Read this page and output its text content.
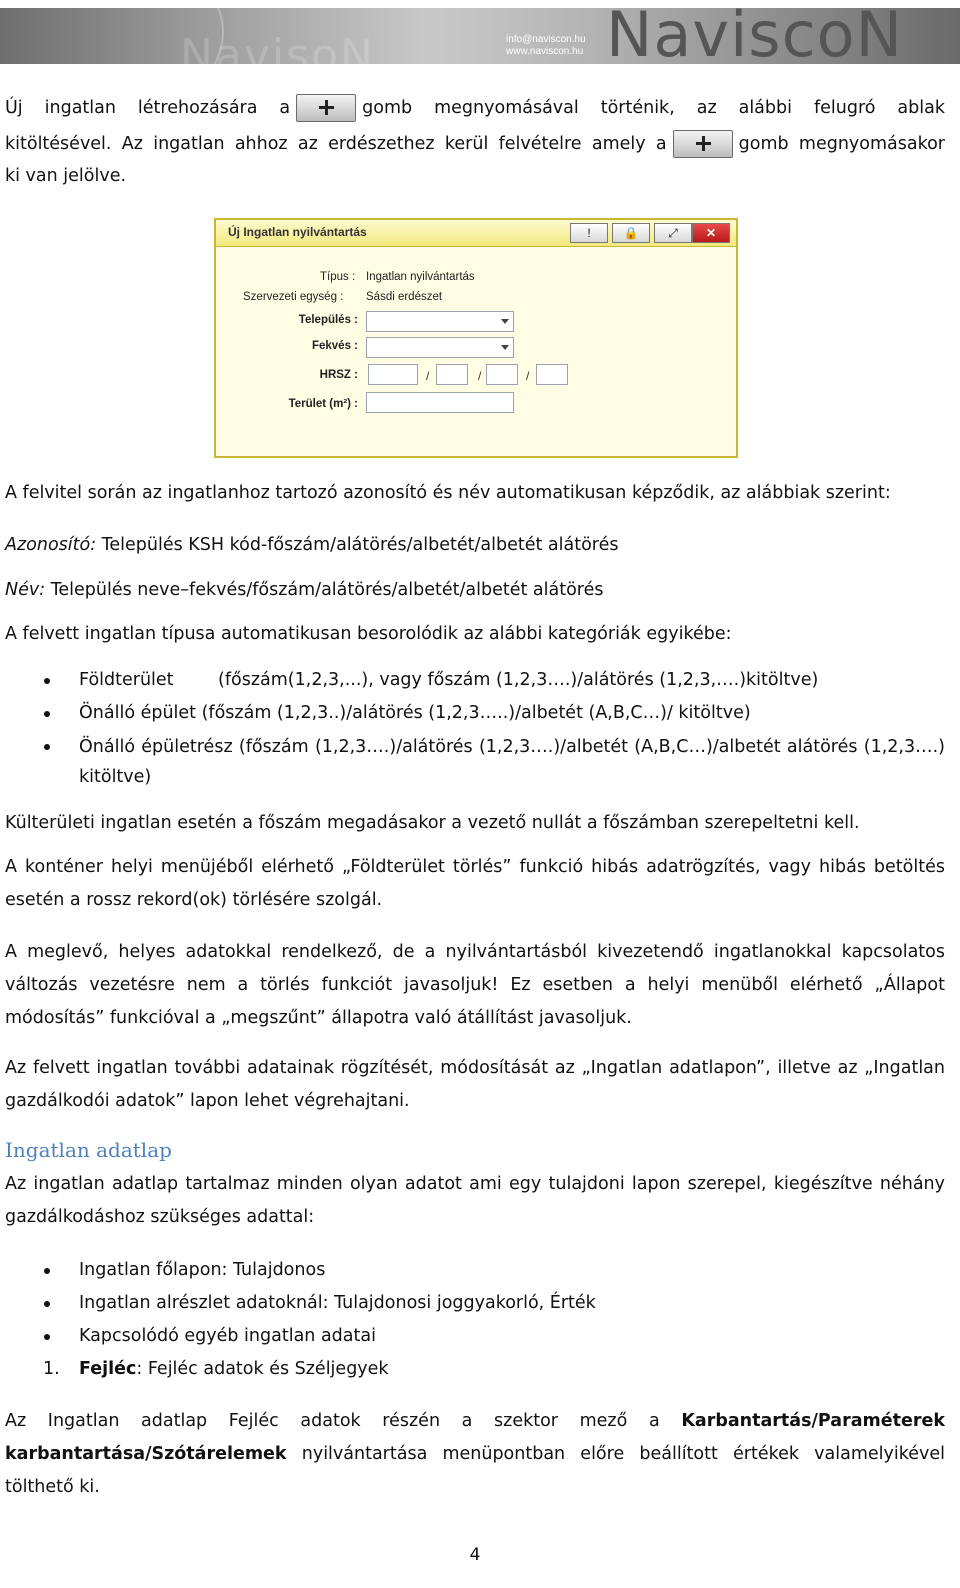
NavisoN	info@naviscon.hu
www.naviscon.hu NaviscoN
Új ingatlan létrehozására a	gomb megnyomásával történik, az alábbi felugró ablak
kitöltésével. Az ingatlan ahhoz az erdészethez kerül felvételre amely a	gomb megnyomásakor
ki van jelölve.
Új Ingatlan nyilvántartás	!	🔒	⤢	✕
Típus : Ingatlan nyilvántartás
Szervezeti egység : Sásdi erdészet
Település :
Fekvés :
HRSZ :	/	/	/
Terület (m²) :
A felvitel során az ingatlanhoz tartozó azonosító és név automatikusan képződik, az alábbiak szerint:
Azonosító: Település KSH kód-főszám/alátörés/albetét/albetét alátörés
Név: Település neve–fekvés/főszám/alátörés/albetét/albetét alátörés
A felvett ingatlan típusa automatikusan besorolódik az alábbi kategóriák egyikébe:
Földterület        (főszám(1,2,3,...), vagy főszám (1,2,3….)/alátörés (1,2,3,….)kitöltve)
Önálló épület (főszám (1,2,3..)/alátörés (1,2,3…..)/albetét (A,B,C…)/ kitöltve)
Önálló épületrész (főszám (1,2,3….)/alátörés (1,2,3….)/albetét (A,B,C…)/albetét alátörés (1,2,3….) kitöltve)
Külterületi ingatlan esetén a főszám megadásakor a vezető nullát a főszámban szerepeltetni kell.
A konténer helyi menüjéből elérhető „Földterület törlés” funkció hibás adatrögzítés, vagy hibás betöltés esetén a rossz rekord(ok) törlésére szolgál.
A meglevő, helyes adatokkal rendelkező, de a nyilvántartásból kivezetendő ingatlanokkal kapcsolatos változás vezetésre nem a törlés funkciót javasoljuk! Ez esetben a helyi menüből elérhető „Állapot módosítás” funkcióval a „megszűnt” állapotra való átállítást javasoljuk.
Az felvett ingatlan további adatainak rögzítését, módosítását az „Ingatlan adatlapon”, illetve az „Ingatlan gazdálkodói adatok” lapon lehet végrehajtani.
Ingatlan adatlap
Az ingatlan adatlap tartalmaz minden olyan adatot ami egy tulajdoni lapon szerepel, kiegészítve néhány gazdálkodáshoz szükséges adattal:
Ingatlan főlapon: Tulajdonos
Ingatlan alrészlet adatoknál: Tulajdonosi joggyakorló, Érték
Kapcsolódó egyéb ingatlan adatai
1. Fejléc: Fejléc adatok és Széljegyek
Az Ingatlan adatlap Fejléc adatok részén a szektor mező a Karbantartás/Paraméterek karbantartása/Szótárelemek nyilvántartása menüpontban előre beállított értékek valamelyikével tölthető ki.
4
